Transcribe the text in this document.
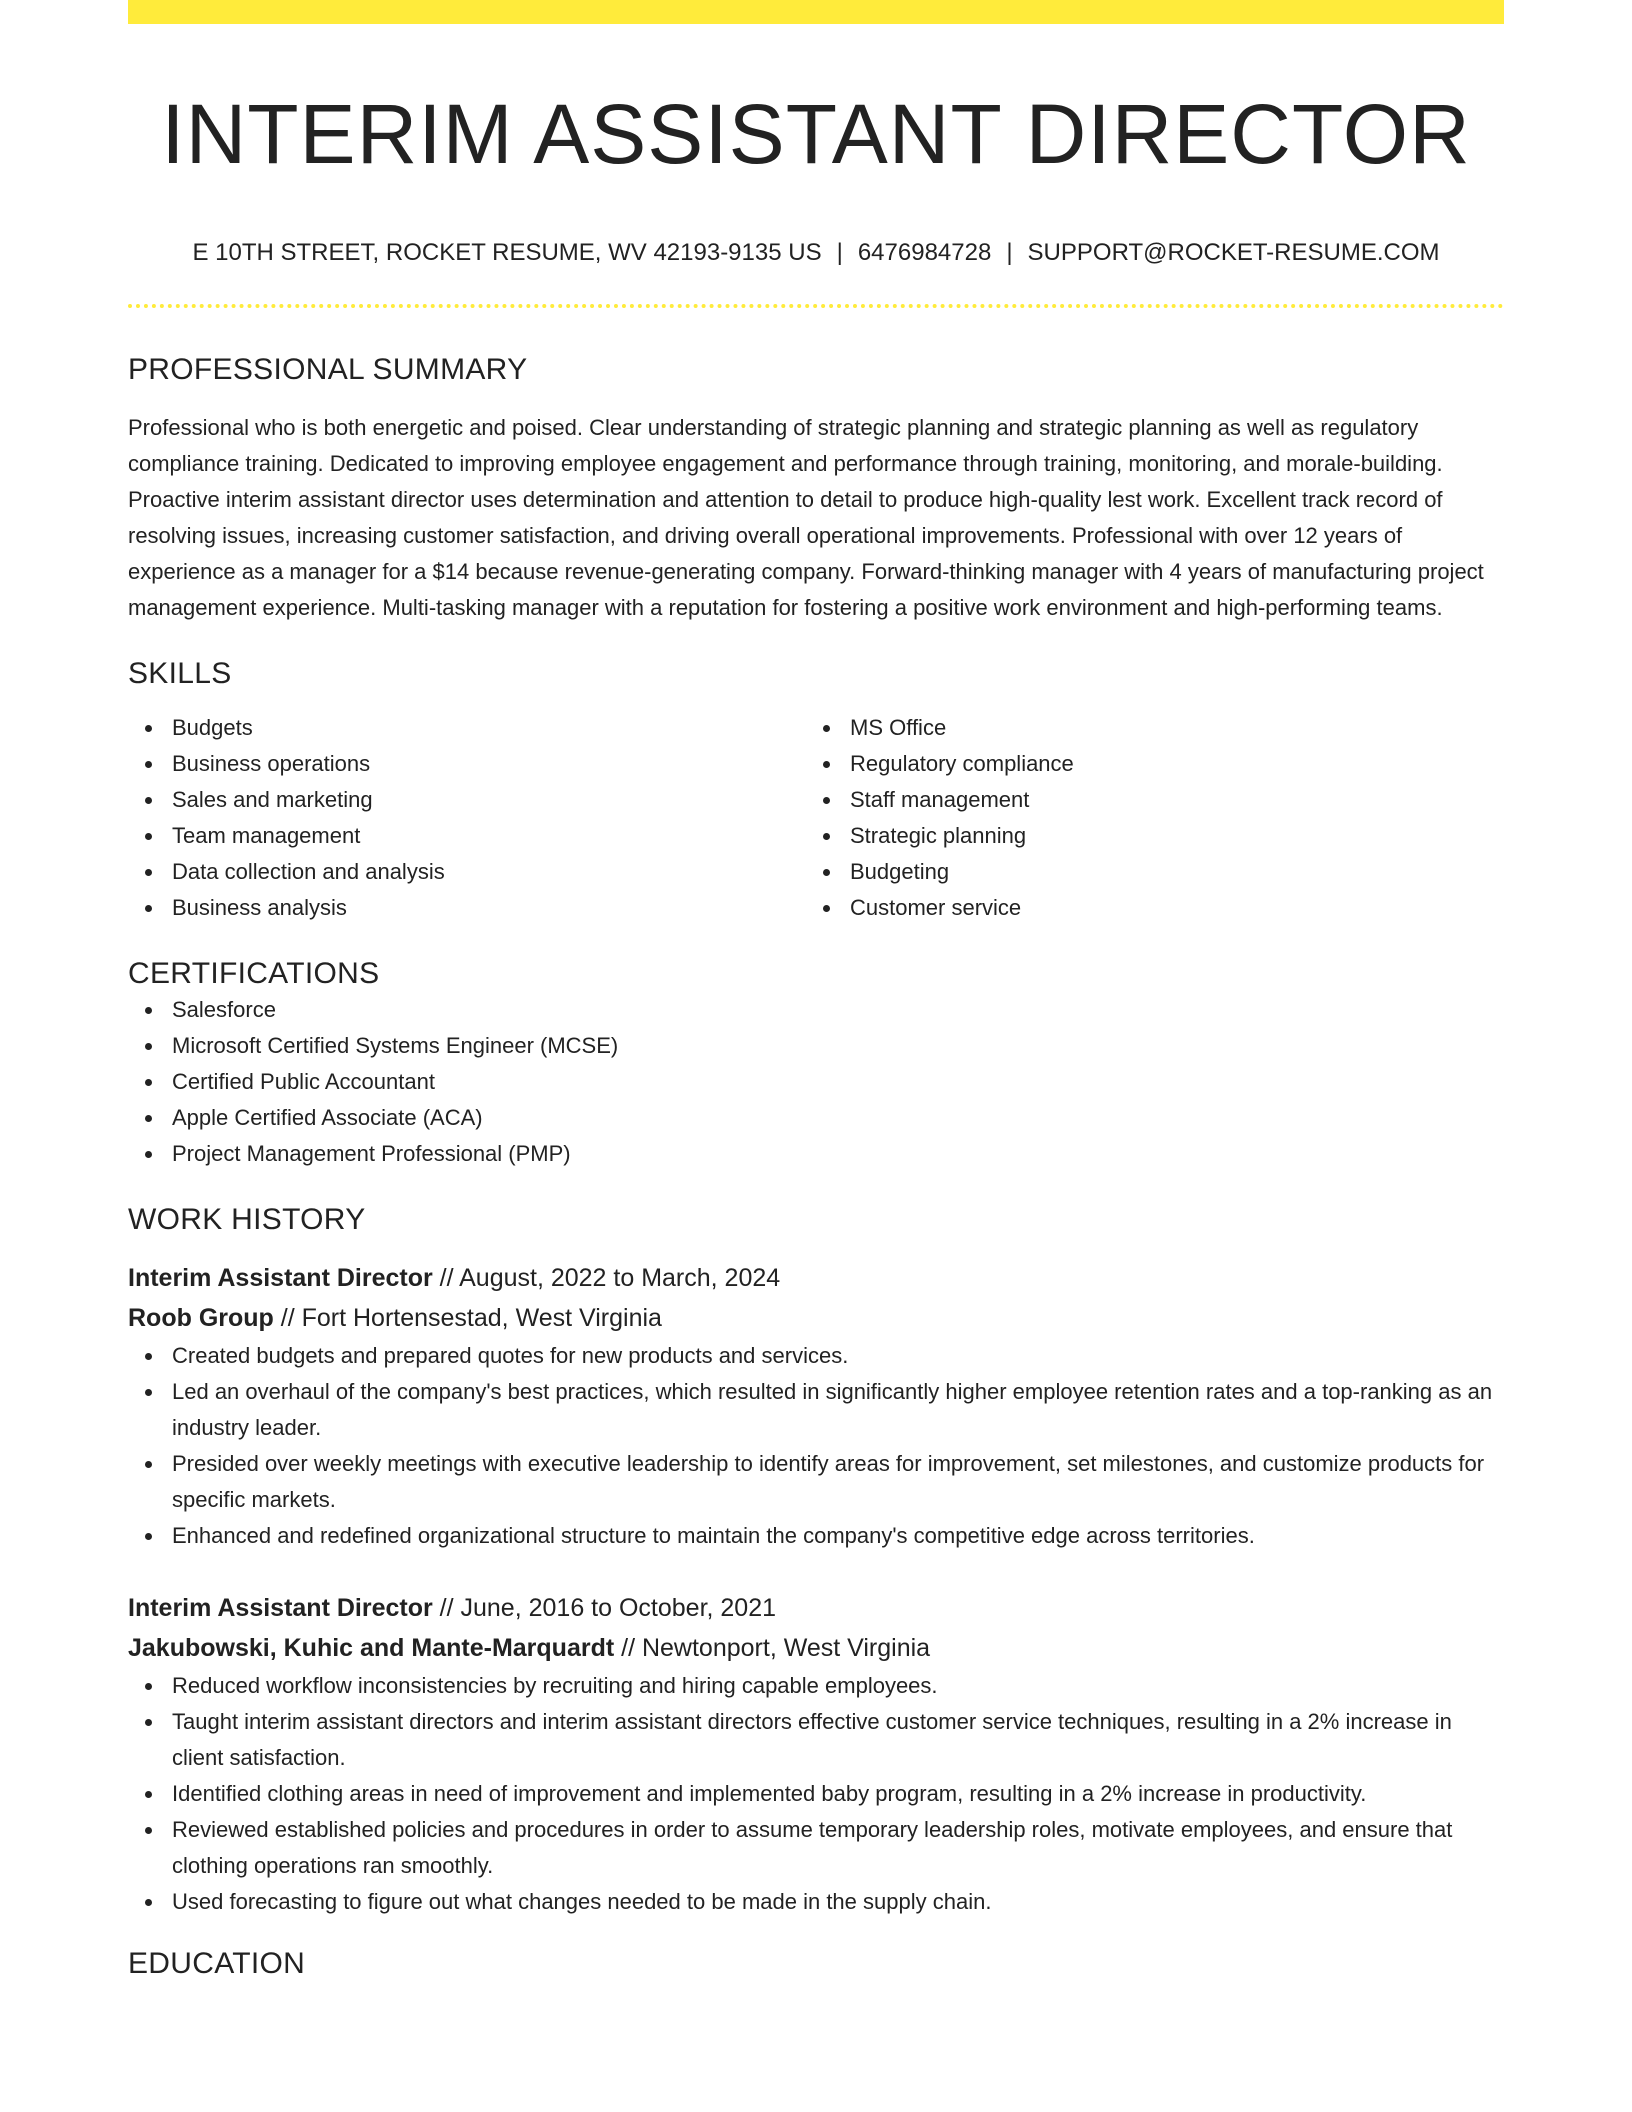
INTERIM ASSISTANT DIRECTOR
E 10TH STREET, ROCKET RESUME, WV 42193-9135 US | 6476984728 | SUPPORT@ROCKET-RESUME.COM
PROFESSIONAL SUMMARY

Professional who is both energetic and poised. Clear understanding of strategic planning and strategic planning as well as regulatory compliance training. Dedicated to improving employee engagement and performance through training, monitoring, and morale-building. Proactive interim assistant director uses determination and attention to detail to produce high-quality lest work. Excellent track record of resolving issues, increasing customer satisfaction, and driving overall operational improvements. Professional with over 12 years of experience as a manager for a $14 because revenue-generating company. Forward-thinking manager with 4 years of manufacturing project management experience. Multi-tasking manager with a reputation for fostering a positive work environment and high-performing teams.

SKILLS
Budgets
Business operations
Sales and marketing
Team management
Data collection and analysis
Business analysis
MS Office
Regulatory compliance
Staff management
Strategic planning
Budgeting
Customer service
CERTIFICATIONS
Salesforce
Microsoft Certified Systems Engineer (MCSE)
Certified Public Accountant
Apple Certified Associate (ACA)
Project Management Professional (PMP)
WORK HISTORY
Interim Assistant Director // August, 2022 to March, 2024
Roob Group // Fort Hortensestad, West Virginia
Created budgets and prepared quotes for new products and services.
Led an overhaul of the company's best practices, which resulted in significantly higher employee retention rates and a top-ranking as an industry leader.
Presided over weekly meetings with executive leadership to identify areas for improvement, set milestones, and customize products for specific markets.
Enhanced and redefined organizational structure to maintain the company's competitive edge across territories.
Interim Assistant Director // June, 2016 to October, 2021
Jakubowski, Kuhic and Mante-Marquardt // Newtonport, West Virginia
Reduced workflow inconsistencies by recruiting and hiring capable employees.
Taught interim assistant directors and interim assistant directors effective customer service techniques, resulting in a 2% increase in client satisfaction.
Identified clothing areas in need of improvement and implemented baby program, resulting in a 2% increase in productivity.
Reviewed established policies and procedures in order to assume temporary leadership roles, motivate employees, and ensure that clothing operations ran smoothly.
Used forecasting to figure out what changes needed to be made in the supply chain.
EDUCATION
